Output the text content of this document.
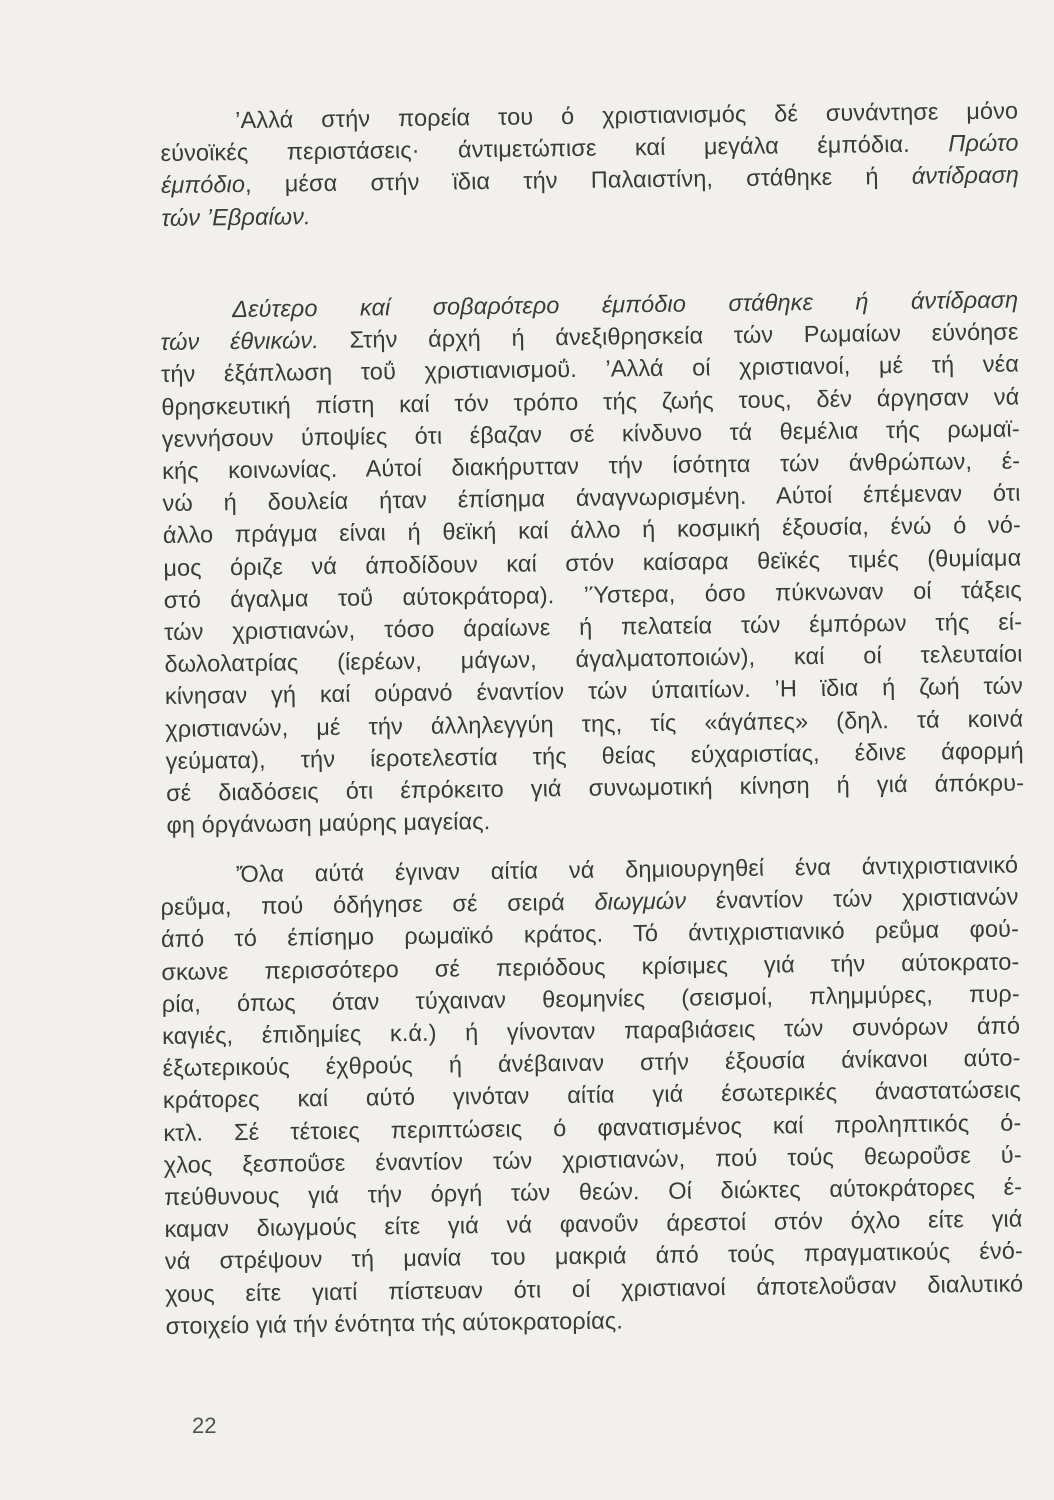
’Αλλά στήν πορεία του ό χριστιανισμός δέ συνάντησε μόνο
εύνοϊκές περιστάσεις· άντιμετώπισε καί μεγάλα έμπόδια. Πρώτο
έμπόδιο, μέσα στήν ϊδια τήν Παλαιστίνη, στάθηκε ή άντίδραση
τών ’Εβραίων.

Δεύτερο καί σοβαρότερο έμπόδιο στάθηκε ή άντίδραση
τών έθνικών. Στήν άρχή ή άνεξιθρησκεία τών Ρωμαίων εύνόησε
τήν έξάπλωση τοΰ χριστιανισμοΰ. ’Αλλά οί χριστιανοί, μέ τή νέα
θρησκευτική πίστη καί τόν τρόπο τής ζωής τους, δέν άργησαν νά
γεννήσουν ύποψίες ότι έβαζαν σέ κίνδυνο τά θεμέλια τής ρωμαϊ-
κής κοινωνίας. Αύτοί διακήρυτταν τήν ίσότητα τών άνθρώπων, έ-
νώ ή δουλεία ήταν έπίσημα άναγνωρισμένη. Αύτοί έπέμεναν ότι
άλλο πράγμα είναι ή θεϊκή καί άλλο ή κοσμική έξουσία, ένώ ό νό-
μος όριζε νά άποδίδουν καί στόν καίσαρα θεϊκές τιμές (θυμίαμα
στό άγαλμα τοΰ αύτοκράτορα). ’Ύστερα, όσο πύκνωναν οί τάξεις
τών χριστιανών, τόσο άραίωνε ή πελατεία τών έμπόρων τής εί-
δωλολατρίας (ίερέων, μάγων, άγαλματοποιών), καί οί τελευταίοι
κίνησαν γή καί ούρανό έναντίον τών ύπαιτίων. ’Η ϊδια ή ζωή τών
χριστιανών, μέ τήν άλληλεγγύη της, τίς «άγάπες» (δηλ. τά κοινά
γεύματα), τήν ίεροτελεστία τής θείας εύχαριστίας, έδινε άφορμή
σέ διαδόσεις ότι έπρόκειτο γιά συνωμοτική κίνηση ή γιά άπόκρυ-
φη όργάνωση μαύρης μαγείας.

’Όλα αύτά έγιναν αίτία νά δημιουργηθεί ένα άντιχριστιανικό
ρεΰμα, πού όδήγησε σέ σειρά διωγμών έναντίον τών χριστιανών
άπό τό έπίσημο ρωμαϊκό κράτος. Τό άντιχριστιανικό ρεΰμα φού-
σκωνε περισσότερο σέ περιόδους κρίσιμες γιά τήν αύτοκρατο-
ρία, όπως όταν τύχαιναν θεομηνίες (σεισμοί, πλημμύρες, πυρ-
καγιές, έπιδημίες κ.ά.) ή γίνονταν παραβιάσεις τών συνόρων άπό
έξωτερικούς έχθρούς ή άνέβαιναν στήν έξουσία άνίκανοι αύτο-
κράτορες καί αύτό γινόταν αίτία γιά έσωτερικές άναστατώσεις
κτλ. Σέ τέτοιες περιπτώσεις ό φανατισμένος καί προληπτικός ό-
χλος ξεσποΰσε έναντίον τών χριστιανών, πού τούς θεωροΰσε ύ-
πεύθυνους γιά τήν όργή τών θεών. Οί διώκτες αύτοκράτορες έ-
καμαν διωγμούς είτε γιά νά φανοΰν άρεστοί στόν όχλο είτε γιά
νά στρέψουν τή μανία του μακριά άπό τούς πραγματικούς ένό-
χους είτε γιατί πίστευαν ότι οί χριστιανοί άποτελοΰσαν διαλυτικό
στοιχείο γιά τήν ένότητα τής αύτοκρατορίας.

22
